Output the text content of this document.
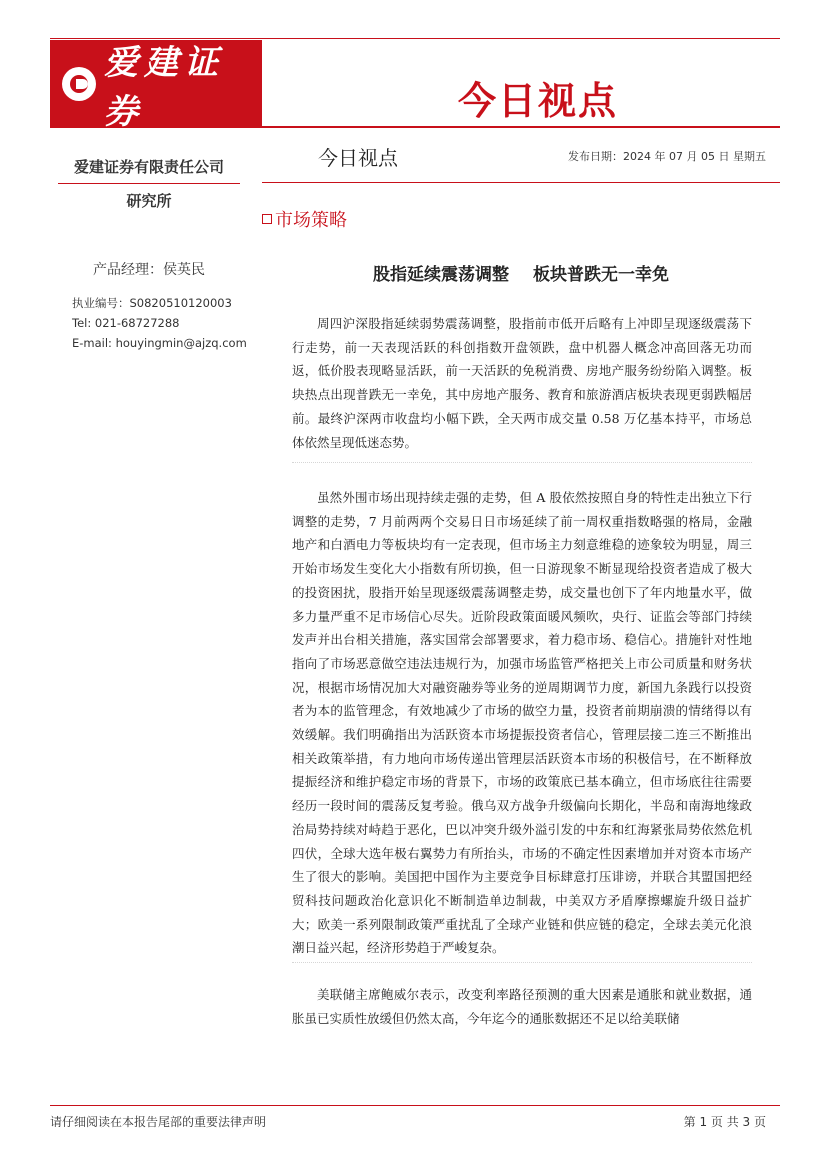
爱建证券	今日视点
爱建证券有限责任公司
研究所
产品经理：侯英民
执业编号：S0820510120003
Tel: 021-68727288
E-mail: houyingmin@ajzq.com
今日视点	发布日期：2024 年 07 月 05 日 星期五
市场策略
股指延续震荡调整 板块普跌无一幸免

周四沪深股指延续弱势震荡调整，股指前市低开后略有上冲即呈现逐级震荡下行走势，前一天表现活跃的科创指数开盘领跌，盘中机器人概念冲高回落无功而返，低价股表现略显活跃，前一天活跃的免税消费、房地产服务纷纷陷入调整。板块热点出现普跌无一幸免，其中房地产服务、教育和旅游酒店板块表现更弱跌幅居前。最终沪深两市收盘均小幅下跌，全天两市成交量 0.58 万亿基本持平，市场总体依然呈现低迷态势。

虽然外围市场出现持续走强的走势，但 A 股依然按照自身的特性走出独立下行调整的走势，7 月前两两个交易日日市场延续了前一周权重指数略强的格局，金融地产和白酒电力等板块均有一定表现，但市场主力刻意维稳的迹象较为明显，周三开始市场发生变化大小指数有所切换，但一日游现象不断显现给投资者造成了极大的投资困扰，股指开始呈现逐级震荡调整走势，成交量也创下了年内地量水平，做多力量严重不足市场信心尽失。近阶段政策面暖风频吹，央行、证监会等部门持续发声并出台相关措施，落实国常会部署要求，着力稳市场、稳信心。措施针对性地指向了市场恶意做空违法违规行为，加强市场监管严格把关上市公司质量和财务状况，根据市场情况加大对融资融券等业务的逆周期调节力度，新国九条践行以投资者为本的监管理念，有效地减少了市场的做空力量，投资者前期崩溃的情绪得以有效缓解。我们明确指出为活跃资本市场提振投资者信心，管理层接二连三不断推出相关政策举措，有力地向市场传递出管理层活跃资本市场的积极信号，在不断释放提振经济和维护稳定市场的背景下，市场的政策底已基本确立，但市场底往往需要经历一段时间的震荡反复考验。俄乌双方战争升级偏向长期化，半岛和南海地缘政治局势持续对峙趋于恶化，巴以冲突升级外溢引发的中东和红海紧张局势依然危机四伏，全球大选年极右翼势力有所抬头，市场的不确定性因素增加并对资本市场产生了很大的影响。美国把中国作为主要竞争目标肆意打压诽谤，并联合其盟国把经贸科技问题政治化意识化不断制造单边制裁，中美双方矛盾摩擦螺旋升级日益扩大；欧美一系列限制政策严重扰乱了全球产业链和供应链的稳定，全球去美元化浪潮日益兴起，经济形势趋于严峻复杂。

美联储主席鲍威尔表示，改变利率路径预测的重大因素是通胀和就业数据，通胀虽已实质性放缓但仍然太高，今年迄今的通胀数据还不足以给美联储

请仔细阅读在本报告尾部的重要法律声明	第 1 页 共 3 页
